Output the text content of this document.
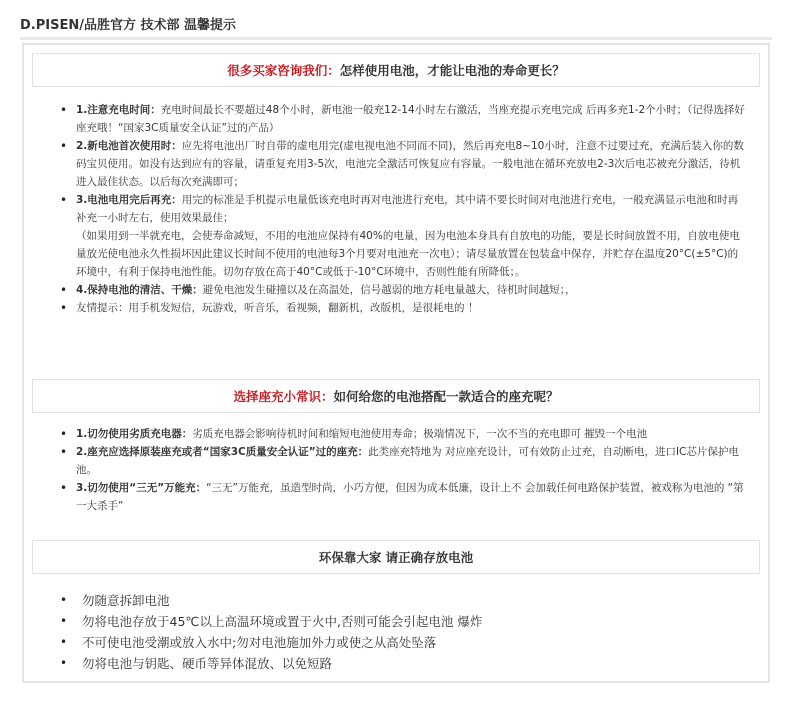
D.PISEN/品胜官方 技术部 温馨提示
很多买家咨询我们：怎样使用电池，才能让电池的寿命更长？
• 1.注意充电时间：充电时间最长不要超过48个小时，新电池一般充12-14小时左右激活，当座充提示充电完成 后再多充1-2个小时；（记得选择好座充哦！“国家3C质量安全认证”过的产品）
• 2.新电池首次使用时：应先将电池出厂时自带的虚电用完(虚电视电池不同而不同)，然后再充电8~10小时，注意不过要过充，充满后装入你的数码宝贝使用。如没有达到应有的容量，请重复充用3-5次，电池完全激活可恢复应有容量。一般电池在循环充放电2-3次后电芯被充分激活，待机进入最佳状态。以后每次充满即可；
• 3.电池电用完后再充：用完的标准是手机提示电量低该充电时再对电池进行充电，其中请不要长时间对电池进行充电，一般充满显示电池和时再补充一小时左右，使用效果最佳；
（如果用到一半就充电，会使寿命减短，不用的电池应保持有40%的电量，因为电池本身具有自放电的功能，要是长时间放置不用，自放电使电量放光使电池永久性损坏因此建议长时间不使用的电池每3个月要对电池充一次电）；请尽量放置在包装盒中保存，并贮存在温度20°C(±5°C)的环境中，有利于保持电池性能。切勿存放在高于40°C或低于-10°C环境中，否则性能有所降低；。
• 4.保持电池的清洁、干燥：避免电池发生碰撞以及在高温处，信号越弱的地方耗电量越大，待机时间越短；，
• 友情提示：用手机发短信，玩游戏，听音乐，看视频，翻新机，改版机，是很耗电的 ！
选择座充小常识：如何给您的电池搭配一款适合的座充呢？
• 1.切勿使用劣质充电器：劣质充电器会影响待机时间和缩短电池使用寿命；极端情况下，一次不当的充电即可 摧毁一个电池
• 2.座充应选择原装座充或者“国家3C质量安全认证”过的座充：此类座充特地为 对应座充设计，可有效防止过充，自动断电，进口IC芯片保护电池。
• 3.切勿使用“三无”万能充：“三无”万能充，虽造型时尚，小巧方便，但因为成本低廉，设计上不 会加载任何电路保护装置，被戏称为电池的 “第一大杀手”
环保靠大家 请正确存放电池
• 勿随意拆卸电池
• 勿将电池存放于45℃以上高温环境或置于火中,否则可能会引起电池 爆炸
• 不可使电池受潮或放入水中;勿对电池施加外力或使之从高处坠落
• 勿将电池与钥匙、硬币等异体混放、以免短路
